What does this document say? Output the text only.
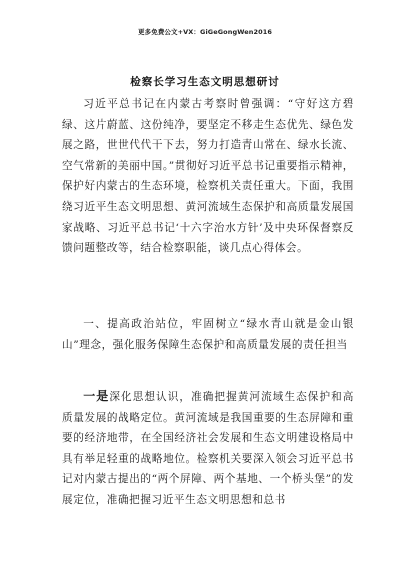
更多免费公文+VX：GiGeGongWen2016
检察长学习生态文明思想研讨

习近平总书记在内蒙古考察时曾强调：“守好这方碧绿、这片蔚蓝、这份纯净，要坚定不移走生态优先、绿色发展之路，世世代代干下去，努力打造青山常在、绿水长流、空气常新的美丽中国。”贯彻好习近平总书记重要指示精神，保护好内蒙古的生态环境，检察机关责任重大。下面，我围绕习近平生态文明思想、黄河流域生态保护和高质量发展国家战略、习近平总书记‘十六字治水方针’及中央环保督察反馈问题整改等，结合检察职能，谈几点心得体会。

一、提高政治站位，牢固树立“绿水青山就是金山银山”理念，强化服务保障生态保护和高质量发展的责任担当

一是深化思想认识，准确把握黄河流域生态保护和高质量发展的战略定位。黄河流域是我国重要的生态屏障和重要的经济地带，在全国经济社会发展和生态文明建设格局中具有举足轻重的战略地位。检察机关要深入领会习近平总书记对内蒙古提出的“两个屏障、两个基地、一个桥头堡”的发展定位，准确把握习近平生态文明思想和总书
